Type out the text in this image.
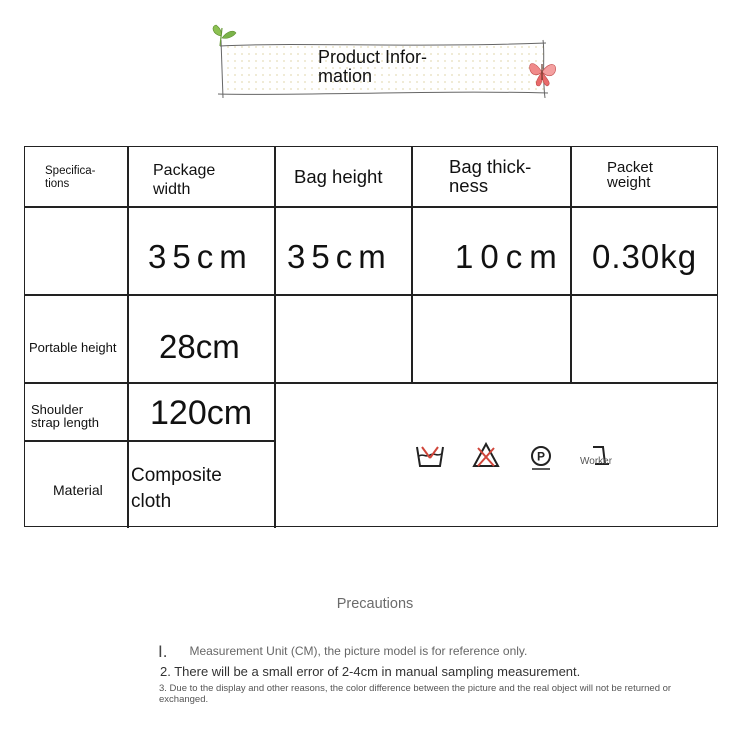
Product Infor-
mation
Specifica-
tions
Package
width
Bag height	Bag thick-
ness
Packet
weight
35cm 35cm 10cm 0.30kg
Portable height 28cm
Shoulder
strap length 120cm
Material
Composite
cloth
P	Worker
Precautions
I. Measurement Unit (CM), the picture model is for reference only.
2. There will be a small error of 2-4cm in manual sampling measurement.
3. Due to the display and other reasons, the color difference between the picture and the real object will not be returned or exchanged.
